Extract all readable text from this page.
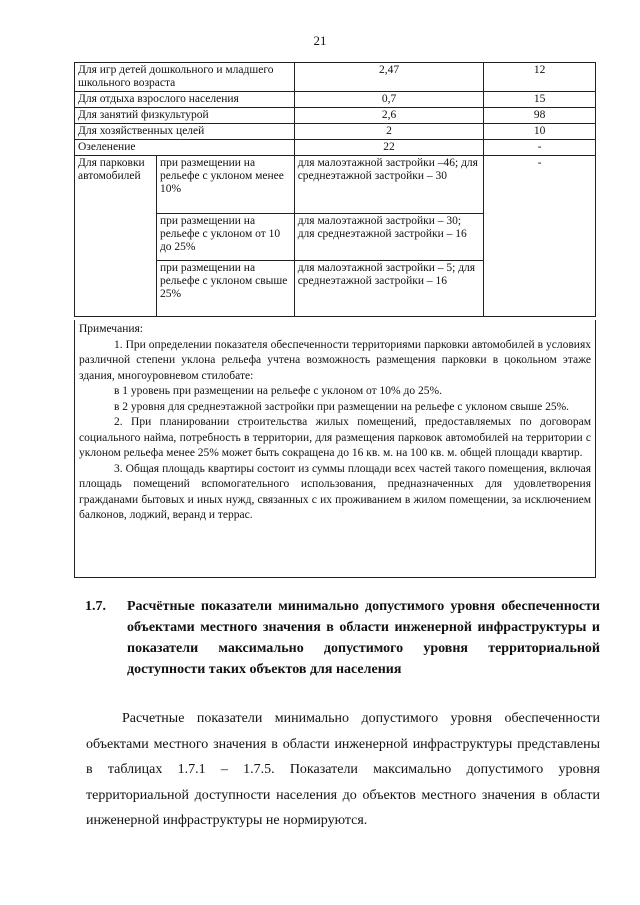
21
Для игр детей дошкольного и младшего школьного возраста		2,47	12
Для отдыха взрослого населения		0,7	15
Для занятий физкультурой		2,6	98
Для хозяйственных целей		2	10
Озеленение		22	-
Для парковки автомобилей	при размещении на рельефе с уклоном менее 10%	для малоэтажной застройки –46; для среднеэтажной застройки – 30	-
	при размещении на рельефе с уклоном от 10 до 25%	для малоэтажной застройки – 30; для среднеэтажной застройки – 16	
	при размещении на рельефе с уклоном свыше 25%	для малоэтажной застройки – 5; для среднеэтажной застройки – 16	

Примечания:

1. При определении показателя обеспеченности территориями парковки автомобилей в условиях различной степени уклона рельефа учтена возможность размещения парковки в цокольном этаже здания, многоуровневом стилобате:

в 1 уровень при размещении на рельефе с уклоном от 10% до 25%.

в 2 уровня для среднеэтажной застройки при размещении на рельефе с уклоном свыше 25%.

2. При планировании строительства жилых помещений, предоставляемых по договорам социального найма, потребность в территории, для размещения парковок автомобилей на территории с уклоном рельефа менее 25% может быть сокращена до 16 кв. м. на 100 кв. м. общей площади квартир.

3. Общая площадь квартиры состоит из суммы площади всех частей такого помещения, включая площадь помещений вспомогательного использования, предназначенных для удовлетворения гражданами бытовых и иных нужд, связанных с их проживанием в жилом помещении, за исключением балконов, лоджий, веранд и террас.

1.7. Расчётные показатели минимально допустимого уровня обеспеченности объектами местного значения в области инженерной инфраструктуры и показатели максимально допустимого уровня территориальной доступности таких объектов для населения

Расчетные показатели минимально допустимого уровня обеспеченности объектами местного значения в области инженерной инфраструктуры представлены в таблицах 1.7.1 – 1.7.5. Показатели максимально допустимого уровня территориальной доступности населения до объектов местного значения в области инженерной инфраструктуры не нормируются.
